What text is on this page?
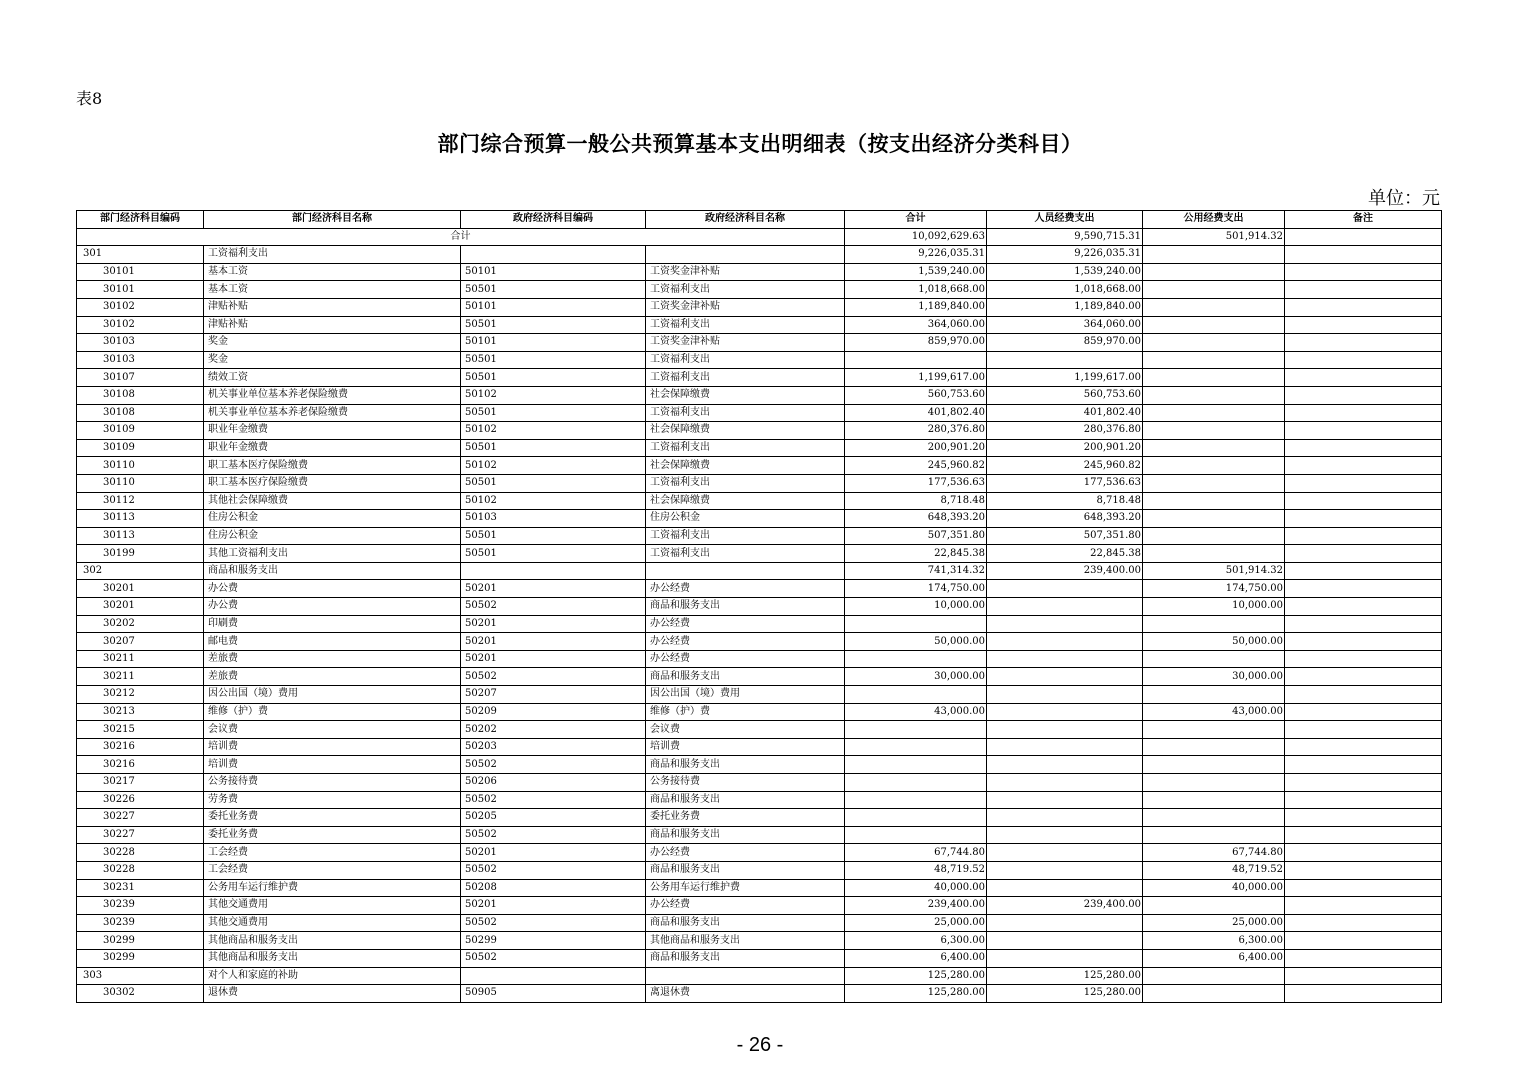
表8
部门综合预算一般公共预算基本支出明细表（按支出经济分类科目）
单位：元
部门经济科目编码	部门经济科目名称	政府经济科目编码	政府经济科目名称	合计	人员经费支出	公用经费支出	备注
合计				10,092,629.63	9,590,715.31	501,914.32	
301	工资福利支出			9,226,035.31	9,226,035.31		
30101	基本工资	50101	工资奖金津补贴	1,539,240.00	1,539,240.00		
30101	基本工资	50501	工资福利支出	1,018,668.00	1,018,668.00		
30102	津贴补贴	50101	工资奖金津补贴	1,189,840.00	1,189,840.00		
30102	津贴补贴	50501	工资福利支出	364,060.00	364,060.00		
30103	奖金	50101	工资奖金津补贴	859,970.00	859,970.00		
30103	奖金	50501	工资福利支出				
30107	绩效工资	50501	工资福利支出	1,199,617.00	1,199,617.00		
30108	机关事业单位基本养老保险缴费	50102	社会保障缴费	560,753.60	560,753.60		
30108	机关事业单位基本养老保险缴费	50501	工资福利支出	401,802.40	401,802.40		
30109	职业年金缴费	50102	社会保障缴费	280,376.80	280,376.80		
30109	职业年金缴费	50501	工资福利支出	200,901.20	200,901.20		
30110	职工基本医疗保险缴费	50102	社会保障缴费	245,960.82	245,960.82		
30110	职工基本医疗保险缴费	50501	工资福利支出	177,536.63	177,536.63		
30112	其他社会保障缴费	50102	社会保障缴费	8,718.48	8,718.48		
30113	住房公积金	50103	住房公积金	648,393.20	648,393.20		
30113	住房公积金	50501	工资福利支出	507,351.80	507,351.80		
30199	其他工资福利支出	50501	工资福利支出	22,845.38	22,845.38		
302	商品和服务支出			741,314.32	239,400.00	501,914.32	
30201	办公费	50201	办公经费	174,750.00		174,750.00	
30201	办公费	50502	商品和服务支出	10,000.00		10,000.00	
30202	印刷费	50201	办公经费				
30207	邮电费	50201	办公经费	50,000.00		50,000.00	
30211	差旅费	50201	办公经费				
30211	差旅费	50502	商品和服务支出	30,000.00		30,000.00	
30212	因公出国（境）费用	50207	因公出国（境）费用				
30213	维修（护）费	50209	维修（护）费	43,000.00		43,000.00	
30215	会议费	50202	会议费				
30216	培训费	50203	培训费				
30216	培训费	50502	商品和服务支出				
30217	公务接待费	50206	公务接待费				
30226	劳务费	50502	商品和服务支出				
30227	委托业务费	50205	委托业务费				
30227	委托业务费	50502	商品和服务支出				
30228	工会经费	50201	办公经费	67,744.80		67,744.80	
30228	工会经费	50502	商品和服务支出	48,719.52		48,719.52	
30231	公务用车运行维护费	50208	公务用车运行维护费	40,000.00		40,000.00	
30239	其他交通费用	50201	办公经费	239,400.00	239,400.00		
30239	其他交通费用	50502	商品和服务支出	25,000.00		25,000.00	
30299	其他商品和服务支出	50299	其他商品和服务支出	6,300.00		6,300.00	
30299	其他商品和服务支出	50502	商品和服务支出	6,400.00		6,400.00	
303	对个人和家庭的补助			125,280.00	125,280.00		
30302	退休费	50905	离退休费	125,280.00	125,280.00		
- 26 -
